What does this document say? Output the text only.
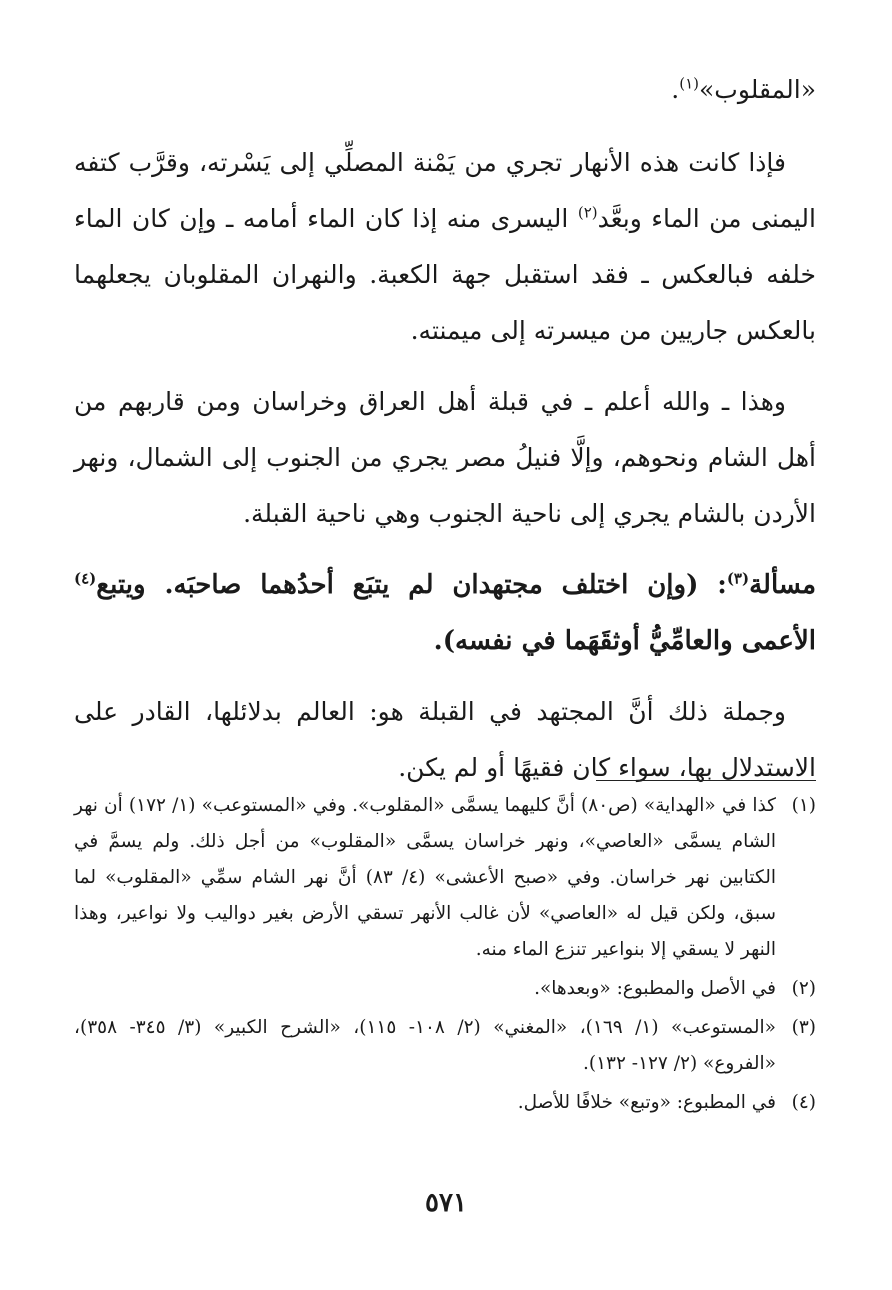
«المقلوب»$^{(١)}$.

فإذا كانت هذه الأنهار تجري من يَمْنة المصلِّي إلى يَسْرته، وقرَّب كتفه اليمنى من الماء وبعَّد$^{(٢)}$ اليسرى منه إذا كان الماء أمامه ـ وإن كان الماء خلفه فبالعكس ـ فقد استقبل جهة الكعبة. والنهران المقلوبان يجعلهما بالعكس جاريين من ميسرته إلى ميمنته.

وهذا ـ والله أعلم ـ في قبلة أهل العراق وخراسان ومن قاربهم من أهل الشام ونحوهم، وإلَّا فنيلُ مصر يجري من الجنوب إلى الشمال، ونهر الأردن بالشام يجري إلى ناحية الجنوب وهي ناحية القبلة.

مسألة$^{(٣)}$: (وإن اختلف مجتهدان لم يتبَع أحدُهما صاحبَه. ويتبع$^{(٤)}$ الأعمى والعامِّيُّ أوثقَهَما في نفسه).

وجملة ذلك أنَّ المجتهد في القبلة هو: العالم بدلائلها، القادر على الاستدلال بها، سواء كان فقيهًا أو لم يكن.

(١)
كذا في «الهداية» (ص٨٠) أنَّ كليهما يسمَّى «المقلوب». وفي «المستوعب» (١/ ١٧٢) أن نهر الشام يسمَّى «العاصي»، ونهر خراسان يسمَّى «المقلوب» من أجل ذلك. ولم يسمَّ في الكتابين نهر خراسان. وفي «صبح الأعشى» (٤/ ٨٣) أنَّ نهر الشام سمِّي «المقلوب» لما سبق، ولكن قيل له «العاصي» لأن غالب الأنهر تسقي الأرض بغير دواليب ولا نواعير، وهذا النهر لا يسقي إلا بنواعير تنزع الماء منه.
(٢)
في الأصل والمطبوع: «وبعدها».
(٣)
«المستوعب» (١/ ١٦٩)، «المغني» (٢/ ١٠٨- ١١٥)، «الشرح الكبير» (٣/ ٣٤٥- ٣٥٨)، «الفروع» (٢/ ١٢٧- ١٣٢).
(٤)
في المطبوع: «وتبع» خلافًا للأصل.
٥٧١
